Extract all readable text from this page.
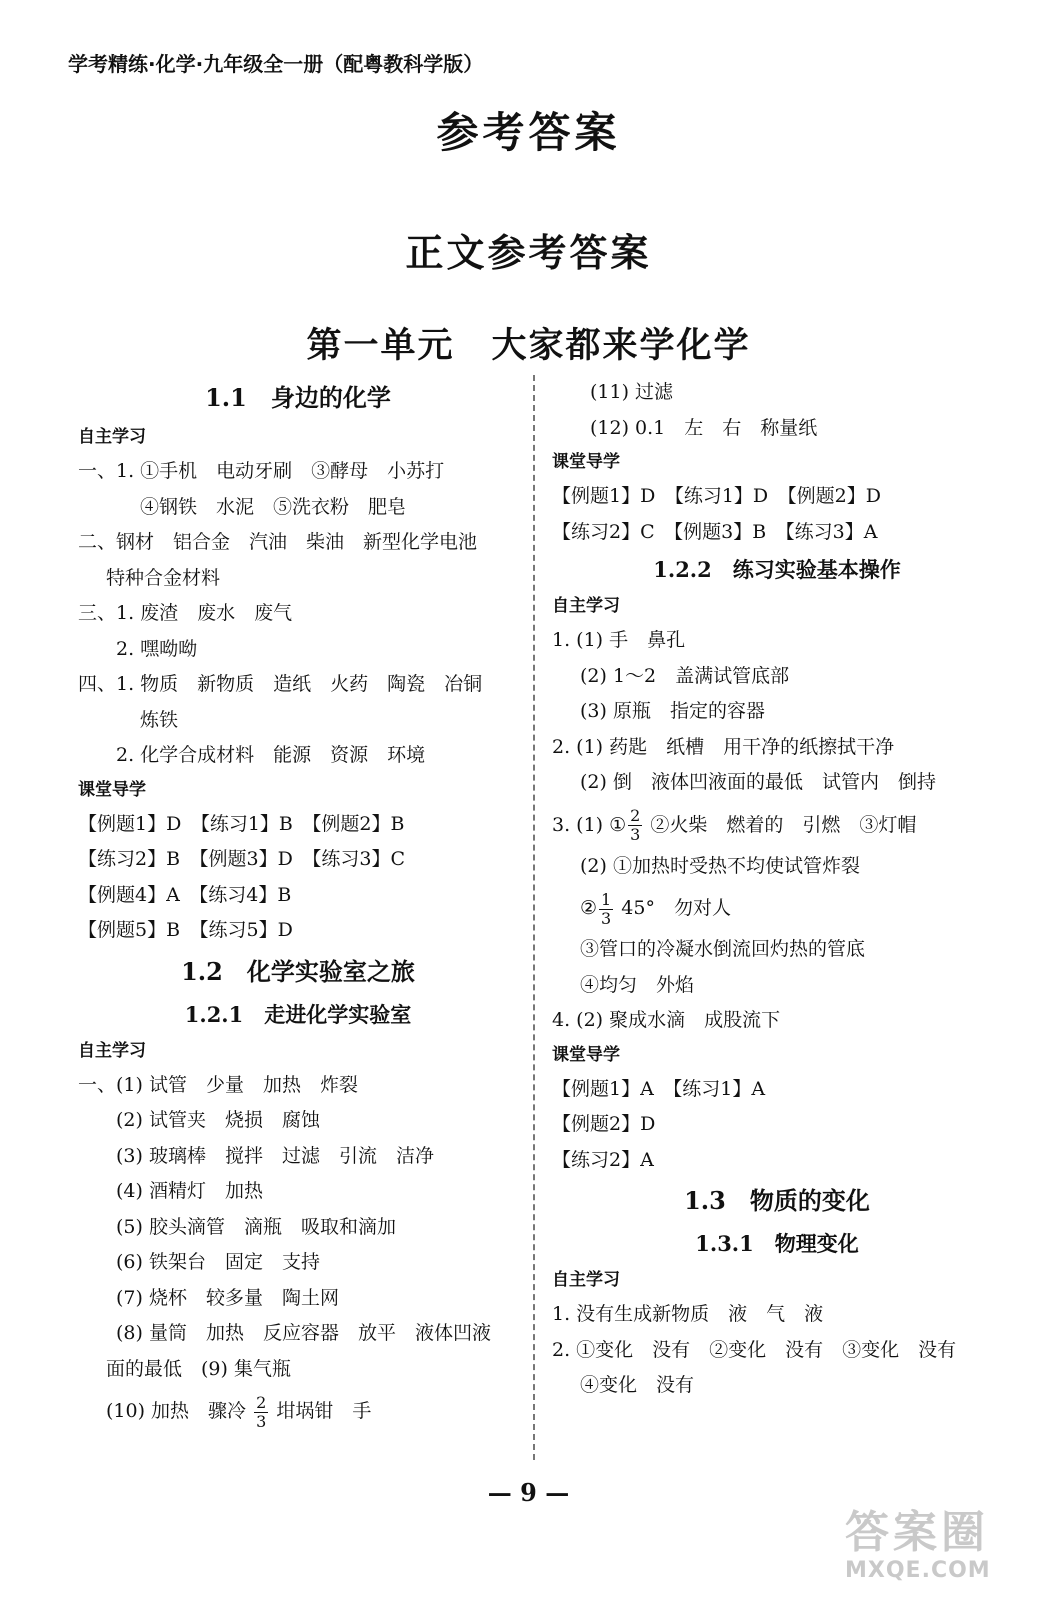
学考精练·化学·九年级全一册（配粤教科学版）
参考答案
正文参考答案
第一单元　大家都来学化学
1.1　身边的化学
自主学习
一、1. ①手机　电动牙刷　③酵母　小苏打
④钢铁　水泥　⑤洗衣粉　肥皂
二、钢材　铝合金　汽油　柴油　新型化学电池
特种合金材料
三、1. 废渣　废水　废气
2. 嘿呦呦
四、1. 物质　新物质　造纸　火药　陶瓷　冶铜
炼铁
2. 化学合成材料　能源　资源　环境
课堂导学
【例题1】D　【练习1】B　【例题2】B
【练习2】B　【例题3】D　【练习3】C
【例题4】A　【练习4】B
【例题5】B　【练习5】D
1.2　化学实验室之旅
1.2.1　走进化学实验室
自主学习
一、(1) 试管　少量　加热　炸裂
(2) 试管夹　烧损　腐蚀
(3) 玻璃棒　搅拌　过滤　引流　洁净
(4) 酒精灯　加热
(5) 胶头滴管　滴瓶　吸取和滴加
(6) 铁架台　固定　支持
(7) 烧杯　较多量　陶土网
(8) 量筒　加热　反应容器　放平　液体凹液
面的最低　(9) 集气瓶
(10) 加热　骤冷 $\frac{2}{3}$ 坩埚钳　手
(11) 过滤
(12) 0.1　左　右　称量纸
课堂导学
【例题1】D　【练习1】D　【例题2】D
【练习2】C　【例题3】B　【练习3】A
1.2.2　练习实验基本操作
自主学习
1. (1) 手　鼻孔
(2) 1～2　盖满试管底部
(3) 原瓶　指定的容器
2. (1) 药匙　纸槽　用干净的纸擦拭干净
(2) 倒　液体凹液面的最低　试管内　倒持
3. (1) ① $\frac{2}{3}$ ②火柴　燃着的　引燃　③灯帽
(2) ①加热时受热不均使试管炸裂
② $\frac{1}{3} 45^\circ$　勿对人
③管口的冷凝水倒流回灼热的管底
④均匀　外焰
4. (2) 聚成水滴　成股流下
课堂导学
【例题1】A　【练习1】A
【例题2】D
【练习2】A
1.3　物质的变化
1.3.1　物理变化
自主学习
1. 没有生成新物质　液　气　液
2. ①变化　没有　②变化　没有　③变化　没有
④变化　没有
— 9 —
答案圈
MXQE.COM
